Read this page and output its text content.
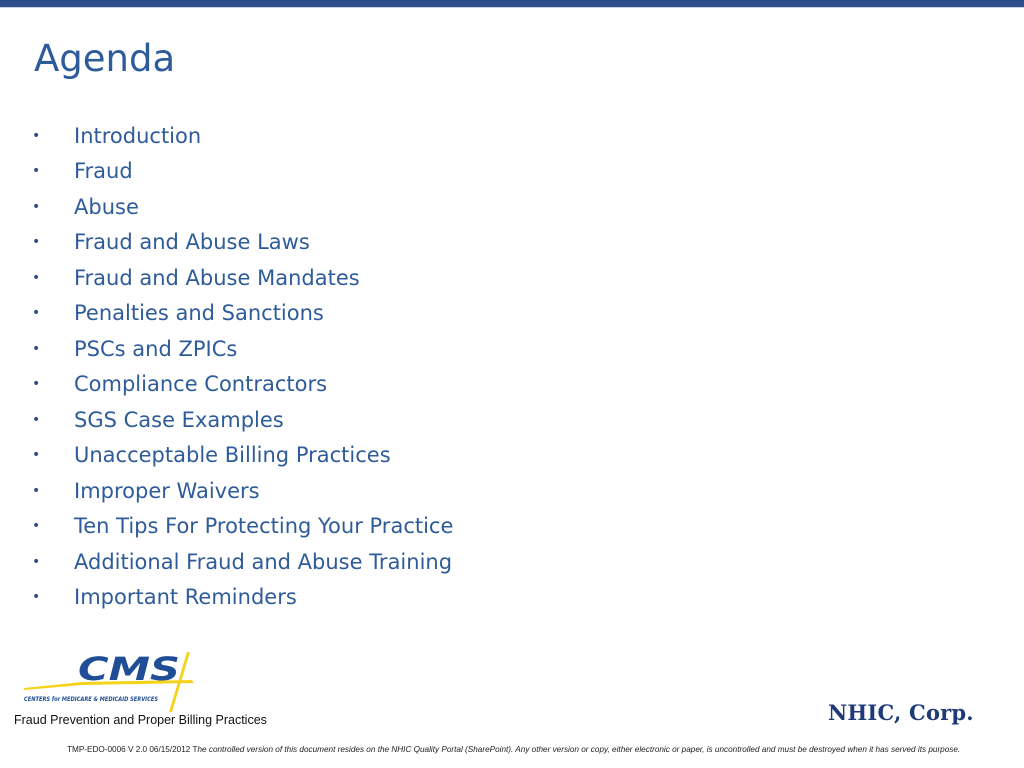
Agenda
•	Introduction
•	Fraud
•	Abuse
•	Fraud and Abuse Laws
•	Fraud and Abuse Mandates
•	Penalties and Sanctions
•	PSCs and ZPICs
•	Compliance Contractors
•	SGS Case Examples
•	Unacceptable Billing Practices
•	Improper Waivers
•	Ten Tips For Protecting Your Practice
•	Additional Fraud and Abuse Training
•	Important Reminders
CMS
CENTERS for MEDICARE & MEDICAID SERVICES
Fraud Prevention and Proper Billing Practices	NHIC, Corp.
TMP-EDO-0006 V 2.0 06/15/2012 The controlled version of this document resides on the NHIC Quality Portal (SharePoint). Any other version or copy, either electronic or paper, is uncontrolled and must be destroyed when it has served its purpose.
